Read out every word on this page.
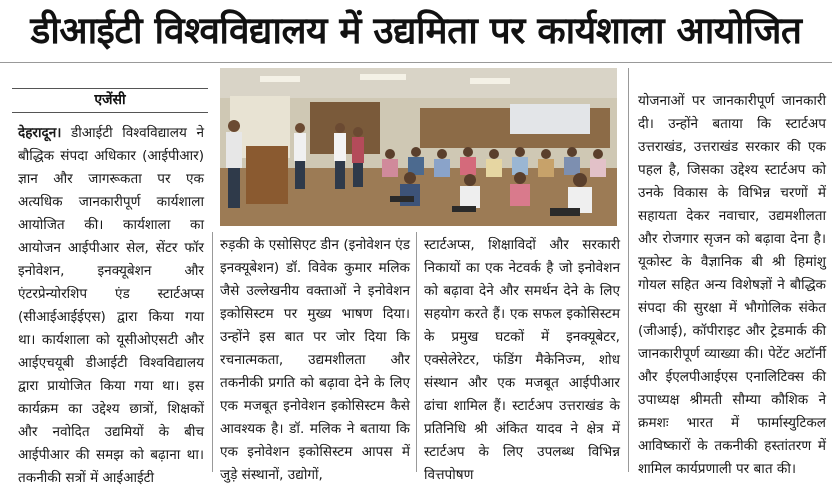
डीआईटी विश्वविद्यालय में उद्यमिता पर कार्यशाला आयोजित
एजेंसी

देहरादून। डीआईटी विश्वविद्यालय ने बौद्धिक संपदा अधिकार (आईपीआर) ज्ञान और जागरूकता पर एक अत्यधिक जानकारीपूर्ण कार्यशाला आयोजित की। कार्यशाला का आयोजन आईपीआर सेल, सेंटर फॉर इनोवेशन, इनक्यूबेशन और एंटरप्रेन्योरशिप एंड स्टार्टअप्स (सीआईआईईएस) द्वारा किया गया था। कार्यशाला को यूसीओएसटी और आईएचयूबी डीआईटी विश्वविद्यालय द्वारा प्रायोजित किया गया था। इस कार्यक्रम का उद्देश्य छात्रों, शिक्षकों और नवोदित उद्यमियों के बीच आईपीआर की समझ को बढ़ाना था। तकनीकी सत्रों में आईआईटी

रुड़की के एसोसिएट डीन (इनोवेशन एंड इनक्यूबेशन) डॉ. विवेक कुमार मलिक जैसे उल्लेखनीय वक्ताओं ने इनोवेशन इकोसिस्टम पर मुख्य भाषण दिया। उन्होंने इस बात पर जोर दिया कि रचनात्मकता, उद्यमशीलता और तकनीकी प्रगति को बढ़ावा देने के लिए एक मजबूत इनोवेशन इकोसिस्टम कैसे आवश्यक है। डॉ. मलिक ने बताया कि एक इनोवेशन इकोसिस्टम आपस में जुड़े संस्थानों, उद्योगों,

स्टार्टअप्स, शिक्षाविदों और सरकारी निकायों का एक नेटवर्क है जो इनोवेशन को बढ़ावा देने और समर्थन देने के लिए सहयोग करते हैं। एक सफल इकोसिस्टम के प्रमुख घटकों में इनक्यूबेटर, एक्सेलेरेटर, फंडिंग मैकेनिज्म, शोध संस्थान और एक मजबूत आईपीआर ढांचा शामिल हैं। स्टार्टअप उत्तराखंड के प्रतिनिधि श्री अंकित यादव ने क्षेत्र में स्टार्टअप के लिए उपलब्ध विभिन्न वित्तपोषण

योजनाओं पर जानकारीपूर्ण जानकारी दी। उन्होंने बताया कि स्टार्टअप उत्तराखंड, उत्तराखंड सरकार की एक पहल है, जिसका उद्देश्य स्टार्टअप को उनके विकास के विभिन्न चरणों में सहायता देकर नवाचार, उद्यमशीलता और रोजगार सृजन को बढ़ावा देना है। यूकोस्ट के वैज्ञानिक बी श्री हिमांशु गोयल सहित अन्य विशेषज्ञों ने बौद्धिक संपदा की सुरक्षा में भौगोलिक संकेत (जीआई), कॉपीराइट और ट्रेडमार्क की जानकारीपूर्ण व्याख्या की। पेटेंट अटॉर्नी और ईएलपीआईएस एनालिटिक्स की उपाध्यक्ष श्रीमती सौम्या कौशिक ने क्रमशः भारत में फार्मास्युटिकल आविष्कारों के तकनीकी हस्तांतरण में शामिल कार्यप्रणाली पर बात की।
